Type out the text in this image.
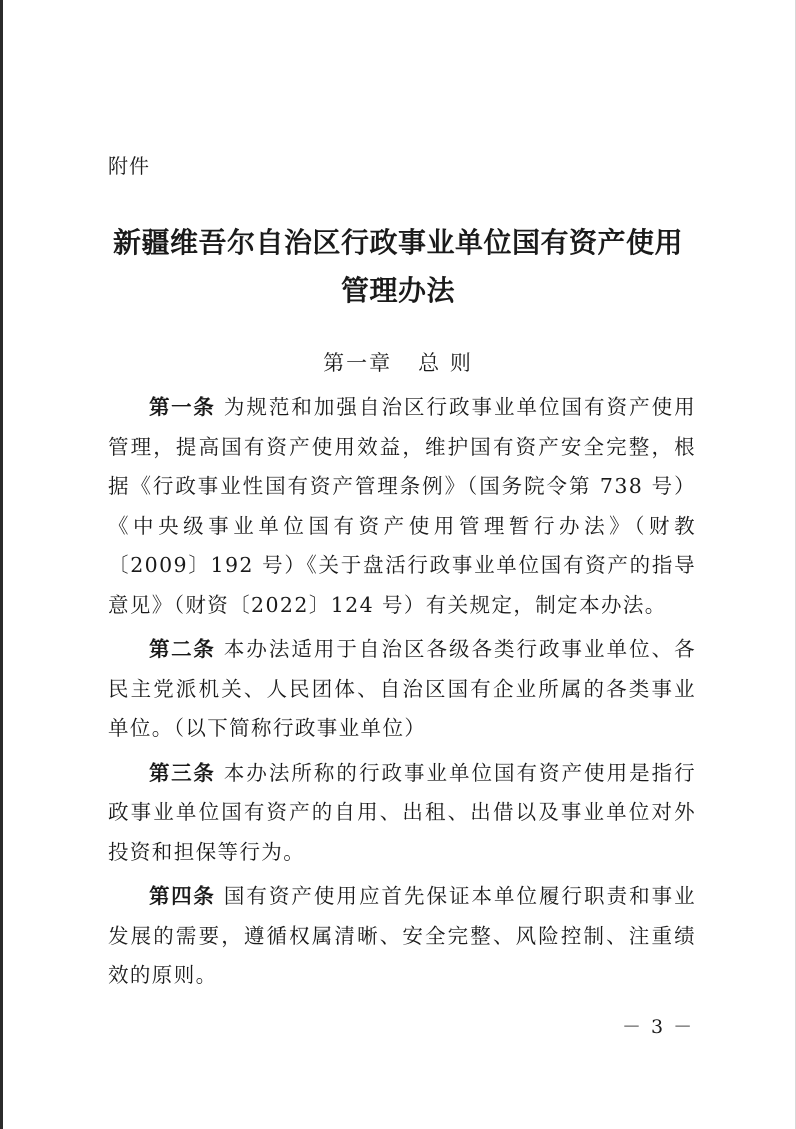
附件
新疆维吾尔自治区行政事业单位国有资产使用
管理办法
第一章 总 则

第一条 为规范和加强自治区行政事业单位国有资产使用管理，提高国有资产使用效益，维护国有资产安全完整，根据《行政事业性国有资产管理条例》（国务院令第 738 号）《中央级事业单位国有资产使用管理暂行办法》（财教〔2009〕192 号）《关于盘活行政事业单位国有资产的指导意见》（财资〔2022〕124 号）有关规定，制定本办法。

第二条 本办法适用于自治区各级各类行政事业单位、各民主党派机关、人民团体、自治区国有企业所属的各类事业单位。（以下简称行政事业单位）

第三条 本办法所称的行政事业单位国有资产使用是指行政事业单位国有资产的自用、出租、出借以及事业单位对外投资和担保等行为。

第四条 国有资产使用应首先保证本单位履行职责和事业发展的需要，遵循权属清晰、安全完整、风险控制、注重绩效的原则。

－ 3 －
